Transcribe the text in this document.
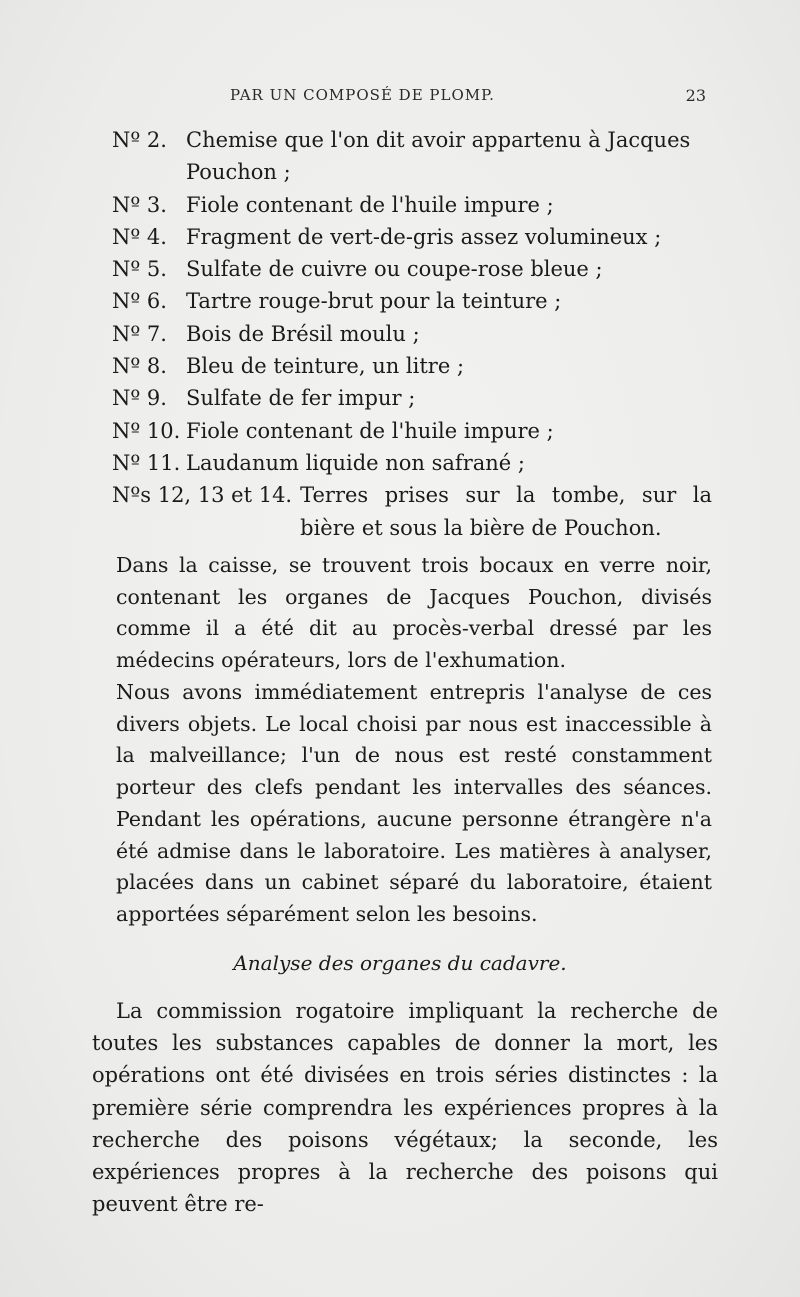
PAR UN COMPOSÉ DE PLOMP.	23
Nº 2. Chemise que l'on dit avoir appartenu à Jacques Pouchon ;
Nº 3. Fiole contenant de l'huile impure ;
Nº 4. Fragment de vert-de-gris assez volumineux ;
Nº 5. Sulfate de cuivre ou coupe-rose bleue ;
Nº 6. Tartre rouge-brut pour la teinture ;
Nº 7. Bois de Brésil moulu ;
Nº 8. Bleu de teinture, un litre ;
Nº 9. Sulfate de fer impur ;
Nº 10. Fiole contenant de l'huile impure ;
Nº 11. Laudanum liquide non safrané ;
Nºs 12, 13 et 14. Terres prises sur la tombe, sur la bière et sous la bière de Pouchon.

Dans la caisse, se trouvent trois bocaux en verre noir, contenant les organes de Jacques Pouchon, divisés comme il a été dit au procès-verbal dressé par les médecins opérateurs, lors de l'exhumation.

Nous avons immédiatement entrepris l'analyse de ces divers objets. Le local choisi par nous est inaccessible à la malveillance; l'un de nous est resté constamment porteur des clefs pendant les intervalles des séances. Pendant les opérations, aucune personne étrangère n'a été admise dans le laboratoire. Les matières à analyser, placées dans un cabinet séparé du laboratoire, étaient apportées séparément selon les besoins.

Analyse des organes du cadavre.

La commission rogatoire impliquant la recherche de toutes les substances capables de donner la mort, les opérations ont été divisées en trois séries distinctes : la première série comprendra les expériences propres à la recherche des poisons végétaux; la seconde, les expériences propres à la recherche des poisons qui peuvent être re-
